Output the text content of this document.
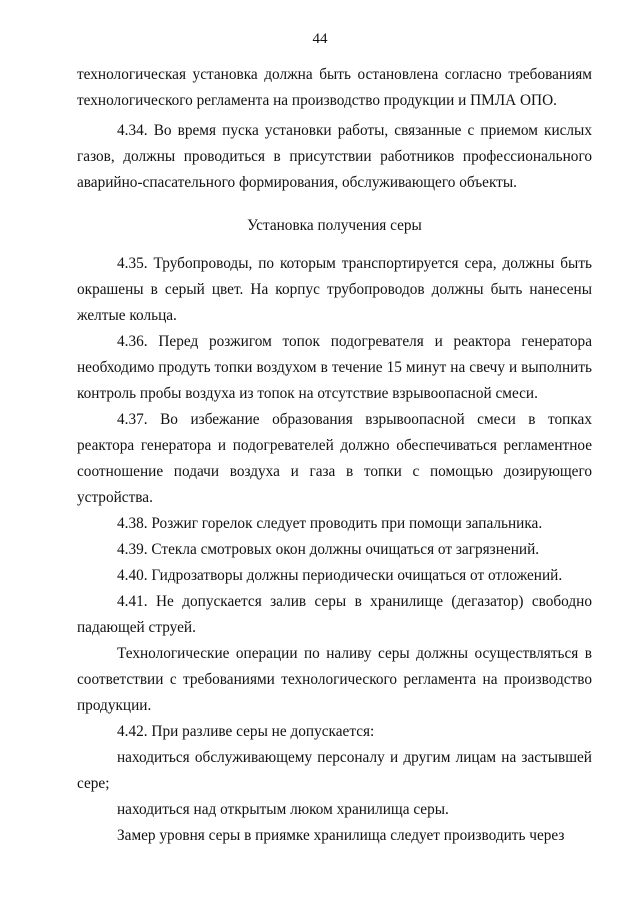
44

технологическая установка должна быть остановлена согласно требованиям технологического регламента на производство продукции и ПМЛА ОПО.

4.34. Во время пуска установки работы, связанные с приемом кислых газов, должны проводиться в присутствии работников профессионального аварийно-спасательного формирования, обслуживающего объекты.

Установка получения серы

4.35. Трубопроводы, по которым транспортируется сера, должны быть окрашены в серый цвет. На корпус трубопроводов должны быть нанесены желтые кольца.

4.36. Перед розжигом топок подогревателя и реактора генератора необходимо продуть топки воздухом в течение 15 минут на свечу и выполнить контроль пробы воздуха из топок на отсутствие взрывоопасной смеси.

4.37. Во избежание образования взрывоопасной смеси в топках реактора генератора и подогревателей должно обеспечиваться регламентное соотношение подачи воздуха и газа в топки с помощью дозирующего устройства.

4.38. Розжиг горелок следует проводить при помощи запальника.

4.39. Стекла смотровых окон должны очищаться от загрязнений.

4.40. Гидрозатворы должны периодически очищаться от отложений.

4.41. Не допускается залив серы в хранилище (дегазатор) свободно падающей струей.

Технологические операции по наливу серы должны осуществляться в соответствии с требованиями технологического регламента на производство продукции.

4.42. При разливе серы не допускается:

находиться обслуживающему персоналу и другим лицам на застывшей сере;

находиться над открытым люком хранилища серы.

Замер уровня серы в приямке хранилища следует производить через
